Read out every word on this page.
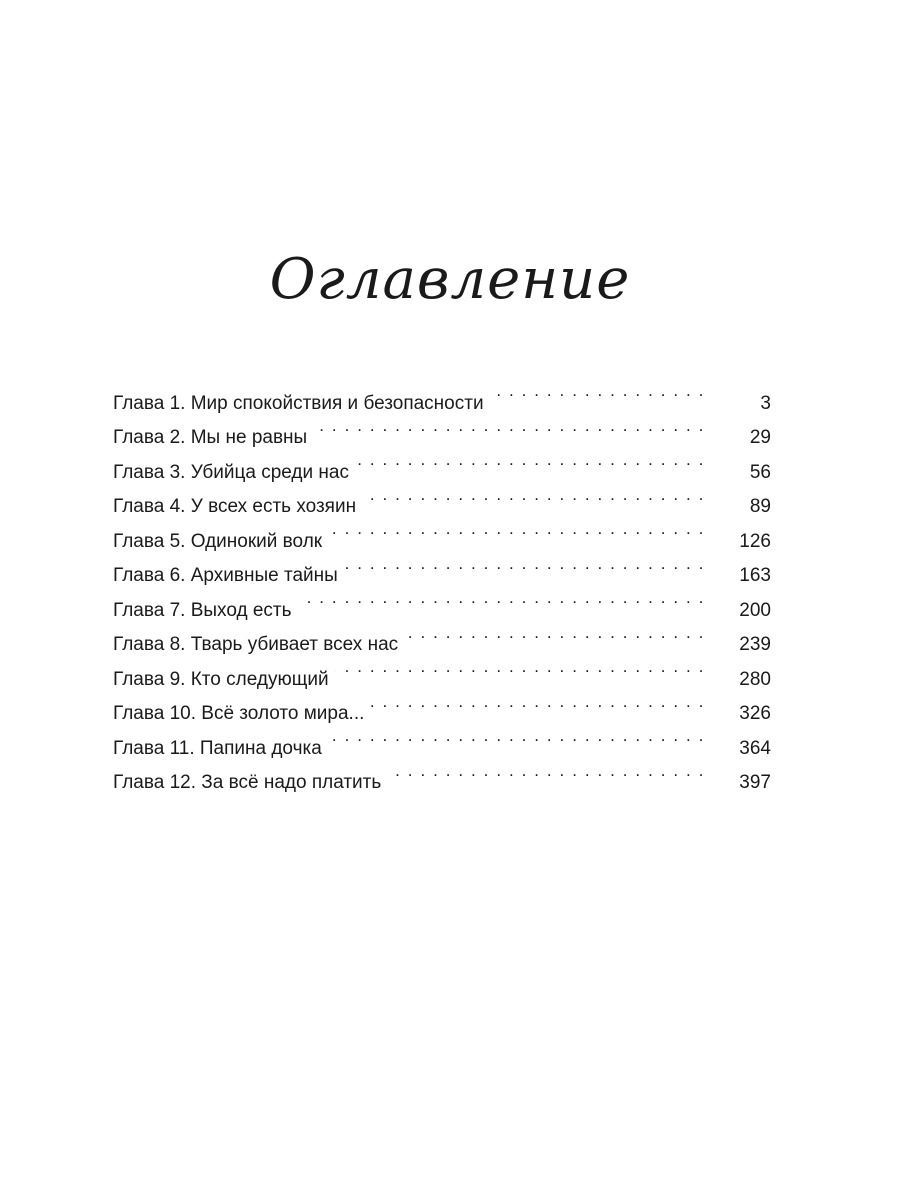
Оглавление
Глава 1. Мир спокойствия и безопасности . . .	3
Глава 2. Мы не равны . . .	29
Глава 3. Убийца среди нас . . .	56
Глава 4. У всех есть хозяин . . .	89
Глава 5. Одинокий волк . . .	126
Глава 6. Архивные тайны . . .	163
Глава 7. Выход есть . . .	200
Глава 8. Тварь убивает всех нас . . .	239
Глава 9. Кто следующий . . .	280
Глава 10. Всё золото мира... . . .	326
Глава 11. Папина дочка . . .	364
Глава 12. За всё надо платить . . .	397
